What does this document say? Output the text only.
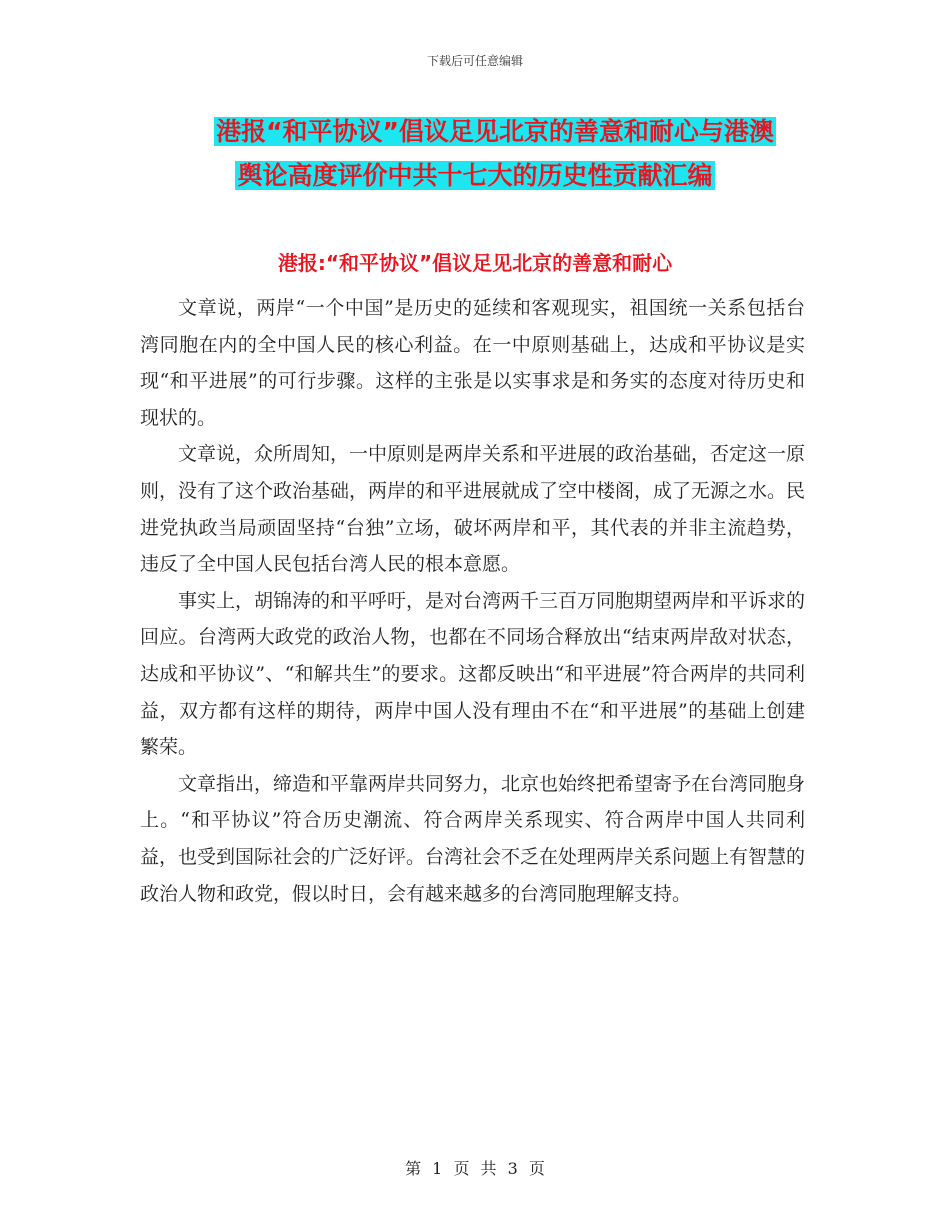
下载后可任意编辑
港报“和平协议”倡议足见北京的善意和耐心与港澳
舆论高度评价中共十七大的历史性贡献汇编
港报:“和平协议”倡议足见北京的善意和耐心

文章说，两岸“一个中国”是历史的延续和客观现实，祖国统一关系包括台湾同胞在内的全中国人民的核心利益。在一中原则基础上，达成和平协议是实现“和平进展”的可行步骤。这样的主张是以实事求是和务实的态度对待历史和现状的。

文章说，众所周知，一中原则是两岸关系和平进展的政治基础，否定这一原则，没有了这个政治基础，两岸的和平进展就成了空中楼阁，成了无源之水。民进党执政当局顽固坚持“台独”立场，破坏两岸和平，其代表的并非主流趋势，违反了全中国人民包括台湾人民的根本意愿。

事实上，胡锦涛的和平呼吁，是对台湾两千三百万同胞期望两岸和平诉求的回应。台湾两大政党的政治人物，也都在不同场合释放出“结束两岸敌对状态，达成和平协议”、“和解共生”的要求。这都反映出“和平进展”符合两岸的共同利益，双方都有这样的期待，两岸中国人没有理由不在“和平进展”的基础上创建繁荣。

文章指出，缔造和平靠两岸共同努力，北京也始终把希望寄予在台湾同胞身上。“和平协议”符合历史潮流、符合两岸关系现实、符合两岸中国人共同利益，也受到国际社会的广泛好评。台湾社会不乏在处理两岸关系问题上有智慧的政治人物和政党，假以时日，会有越来越多的台湾同胞理解支持。

第 1 页 共 3 页
